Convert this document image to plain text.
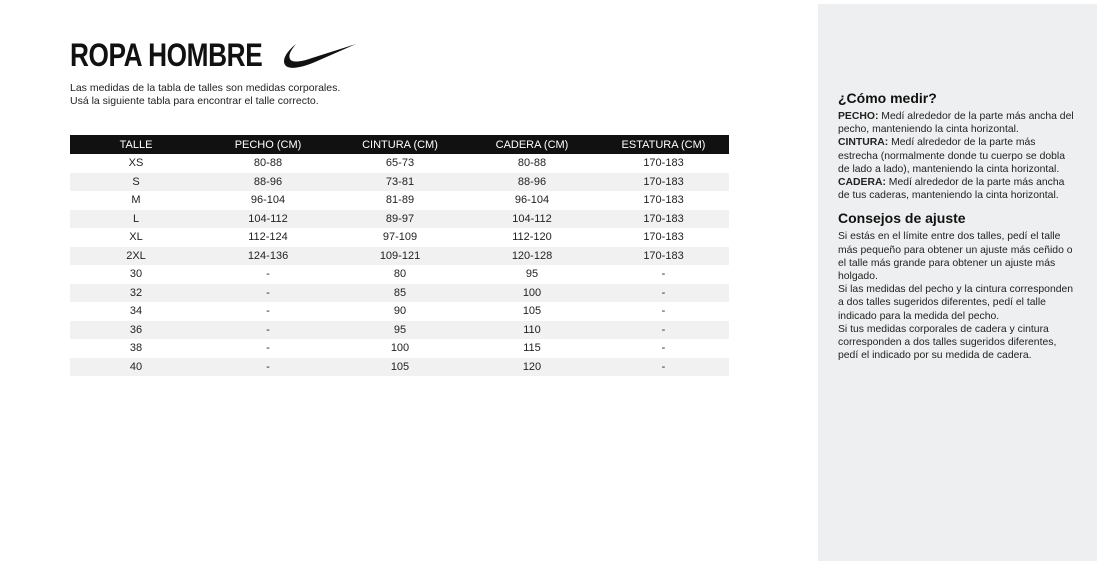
ROPA HOMBRE
Las medidas de la tabla de talles son medidas corporales.
Usá la siguiente tabla para encontrar el talle correcto.
TALLE	PECHO (CM)	CINTURA (CM)	CADERA (CM)	ESTATURA (CM)
XS	80-88	65-73	80-88	170-183
S	88-96	73-81	88-96	170-183
M	96-104	81-89	96-104	170-183
L	104-112	89-97	104-112	170-183
XL	112-124	97-109	112-120	170-183
2XL	124-136	109-121	120-128	170-183
30	-	80	95	-
32	-	85	100	-
34	-	90	105	-
36	-	95	110	-
38	-	100	115	-
40	-	105	120	-
¿Cómo medir?

PECHO: Medí alrededor de la parte más ancha del pecho, manteniendo la cinta horizontal.

CINTURA: Medí alrededor de la parte más estrecha (normalmente donde tu cuerpo se dobla de lado a lado), manteniendo la cinta horizontal.

CADERA: Medí alrededor de la parte más ancha de tus caderas, manteniendo la cinta horizontal.

Consejos de ajuste

Si estás en el límite entre dos talles, pedí el talle más pequeño para obtener un ajuste más ceñido o el talle más grande para obtener un ajuste más holgado.

Si las medidas del pecho y la cintura corresponden a dos talles sugeridos diferentes, pedí el talle indicado para la medida del pecho.

Si tus medidas corporales de cadera y cintura corresponden a dos talles sugeridos diferentes, pedí el indicado por su medida de cadera.
